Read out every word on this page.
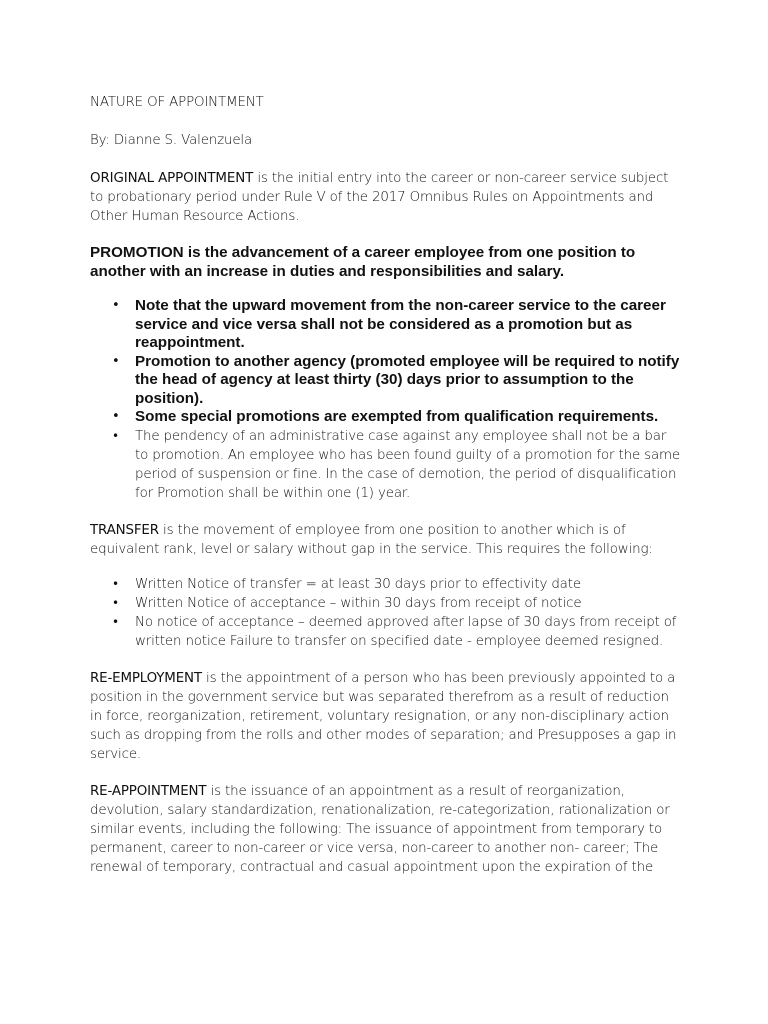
NATURE OF APPOINTMENT

By: Dianne S. Valenzuela

ORIGINAL APPOINTMENT is the initial entry into the career or non-career service subject to probationary period under Rule V of the 2017 Omnibus Rules on Appointments and Other Human Resource Actions.

PROMOTION is the advancement of a career employee from one position to another with an increase in duties and responsibilities and salary.

• Note that the upward movement from the non-career service to the career service and vice versa shall not be considered as a promotion but as reappointment.
• Promotion to another agency (promoted employee will be required to notify the head of agency at least thirty (30) days prior to assumption to the position).
• Some special promotions are exempted from qualification requirements.
• The pendency of an administrative case against any employee shall not be a bar to promotion. An employee who has been found guilty of a promotion for the same period of suspension or fine. In the case of demotion, the period of disqualification for Promotion shall be within one (1) year.

TRANSFER is the movement of employee from one position to another which is of equivalent rank, level or salary without gap in the service. This requires the following:

• Written Notice of transfer = at least 30 days prior to effectivity date
• Written Notice of acceptance – within 30 days from receipt of notice
• No notice of acceptance – deemed approved after lapse of 30 days from receipt of written notice Failure to transfer on specified date - employee deemed resigned.

RE-EMPLOYMENT is the appointment of a person who has been previously appointed to a position in the government service but was separated therefrom as a result of reduction in force, reorganization, retirement, voluntary resignation, or any non-disciplinary action such as dropping from the rolls and other modes of separation; and Presupposes a gap in service.

RE-APPOINTMENT is the issuance of an appointment as a result of reorganization, devolution, salary standardization, renationalization, re-categorization, rationalization or similar events, including the following: The issuance of appointment from temporary to permanent, career to non-career or vice versa, non-career to another non- career; The renewal of temporary, contractual and casual appointment upon the expiration of the
